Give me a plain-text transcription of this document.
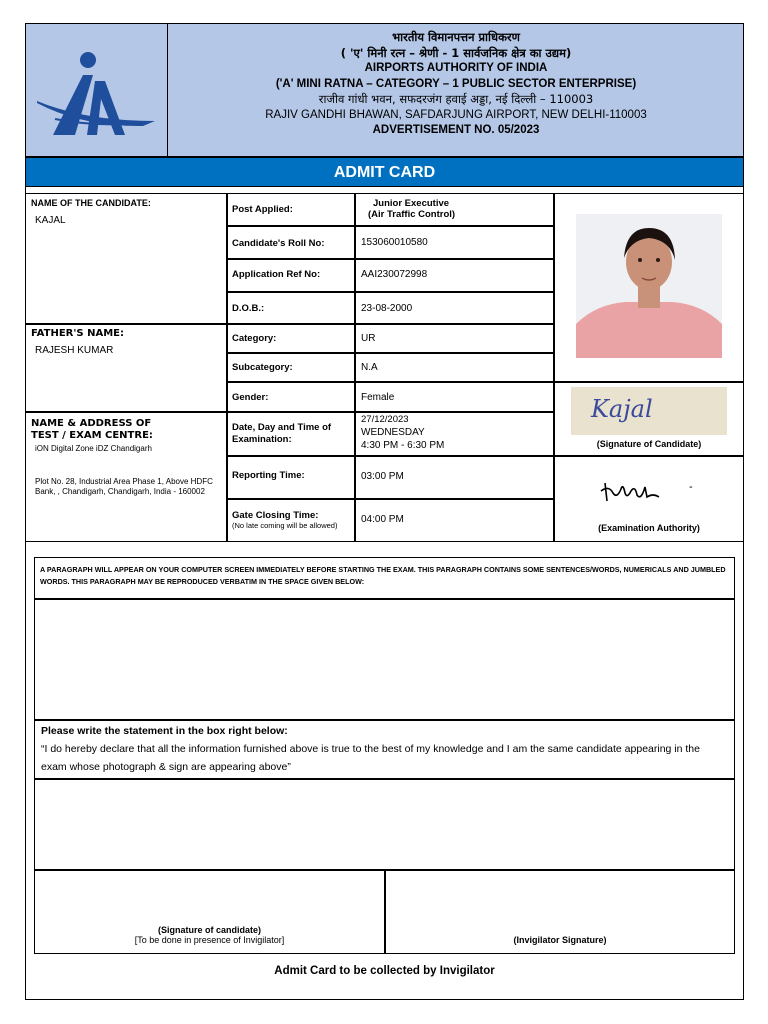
भारतीय विमानपत्तन प्राधिकरण
( 'ए' मिनी रत्न – श्रेणी - 1 सार्वजनिक क्षेत्र का उद्यम)
AIRPORTS AUTHORITY OF INDIA
('A' MINI RATNA – CATEGORY – 1 PUBLIC SECTOR ENTERPRISE)
राजीव गांधी भवन, सफदरजंग हवाई अड्डा, नई दिल्ली – 110003
RAJIV GANDHI BHAWAN, SAFDARJUNG AIRPORT, NEW DELHI-110003
ADVERTISEMENT NO. 05/2023
ADMIT CARD
NAME OF THE CANDIDATE:
KAJAL
FATHER'S NAME:
RAJESH KUMAR
NAME & ADDRESS OF
TEST / EXAM CENTRE:
iON Digital Zone iDZ Chandigarh
Plot No. 28, Industrial Area Phase 1, Above HDFC Bank, , Chandigarh, Chandigarh, India - 160002
Post Applied:
Junior Executive
(Air Traffic Control)
Candidate's Roll No:	153060010580
Application Ref No:	AAI230072998
D.O.B.:	23-08-2000
Category:	UR
Subcategory:	N.A
Gender:	Female
Date, Day and Time of Examination:
27/12/2023
WEDNESDAY
4:30 PM - 6:30 PM
Reporting Time:	03:00 PM
Gate Closing Time:
(No late coming will be allowed)
04:00 PM
Kajal
(Signature of Candidate)
-
(Examination Authority)
A PARAGRAPH WILL APPEAR ON YOUR COMPUTER SCREEN IMMEDIATELY BEFORE STARTING THE EXAM. THIS PARAGRAPH CONTAINS SOME SENTENCES/WORDS, NUMERICALS AND JUMBLED WORDS. THIS PARAGRAPH MAY BE REPRODUCED VERBATIM IN THE SPACE GIVEN BELOW:
Please write the statement in the box right below:
“I do hereby declare that all the information furnished above is true to the best of my knowledge and I am the same candidate appearing in the exam whose photograph & sign are appearing above”
(Signature of candidate)
[To be done in presence of Invigilator]	(Invigilator Signature)
Admit Card to be collected by Invigilator
